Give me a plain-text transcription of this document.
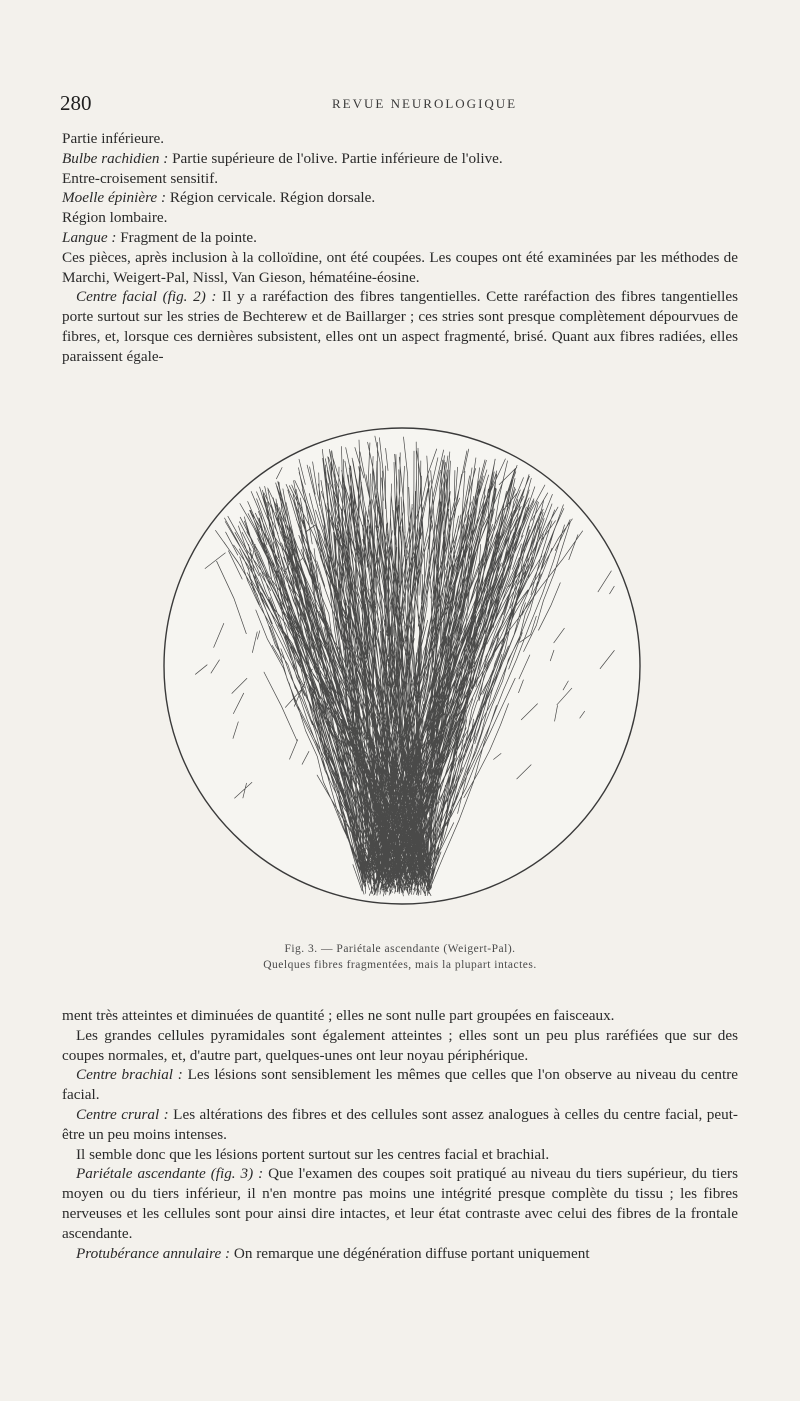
280	REVUE NEUROLOGIQUE

Partie inférieure.

Bulbe rachidien : Partie supérieure de l'olive. Partie inférieure de l'olive.

Entre-croisement sensitif.

Moelle épinière : Région cervicale. Région dorsale.

Région lombaire.

Langue : Fragment de la pointe.

Ces pièces, après inclusion à la colloïdine, ont été coupées. Les coupes ont été examinées par les méthodes de Marchi, Weigert-Pal, Nissl, Van Gieson, hématéine-éosine.

Centre facial (fig. 2) : Il y a raréfaction des fibres tangentielles. Cette raréfaction des fibres tangentielles porte surtout sur les stries de Bechterew et de Baillarger ; ces stries sont presque complètement dépourvues de fibres, et, lorsque ces dernières subsistent, elles ont un aspect fragmenté, brisé. Quant aux fibres radiées, elles paraissent égale-

Fig. 3. — Pariétale ascendante (Weigert-Pal).

Quelques fibres fragmentées, mais la plupart intactes.

ment très atteintes et diminuées de quantité ; elles ne sont nulle part groupées en faisceaux.

Les grandes cellules pyramidales sont également atteintes ; elles sont un peu plus raréfiées que sur des coupes normales, et, d'autre part, quelques-unes ont leur noyau périphérique.

Centre brachial : Les lésions sont sensiblement les mêmes que celles que l'on observe au niveau du centre facial.

Centre crural : Les altérations des fibres et des cellules sont assez analogues à celles du centre facial, peut-être un peu moins intenses.

Il semble donc que les lésions portent surtout sur les centres facial et brachial.

Pariétale ascendante (fig. 3) : Que l'examen des coupes soit pratiqué au niveau du tiers supérieur, du tiers moyen ou du tiers inférieur, il n'en montre pas moins une intégrité presque complète du tissu ; les fibres nerveuses et les cellules sont pour ainsi dire intactes, et leur état contraste avec celui des fibres de la frontale ascendante.

Protubérance annulaire : On remarque une dégénération diffuse portant uniquement
